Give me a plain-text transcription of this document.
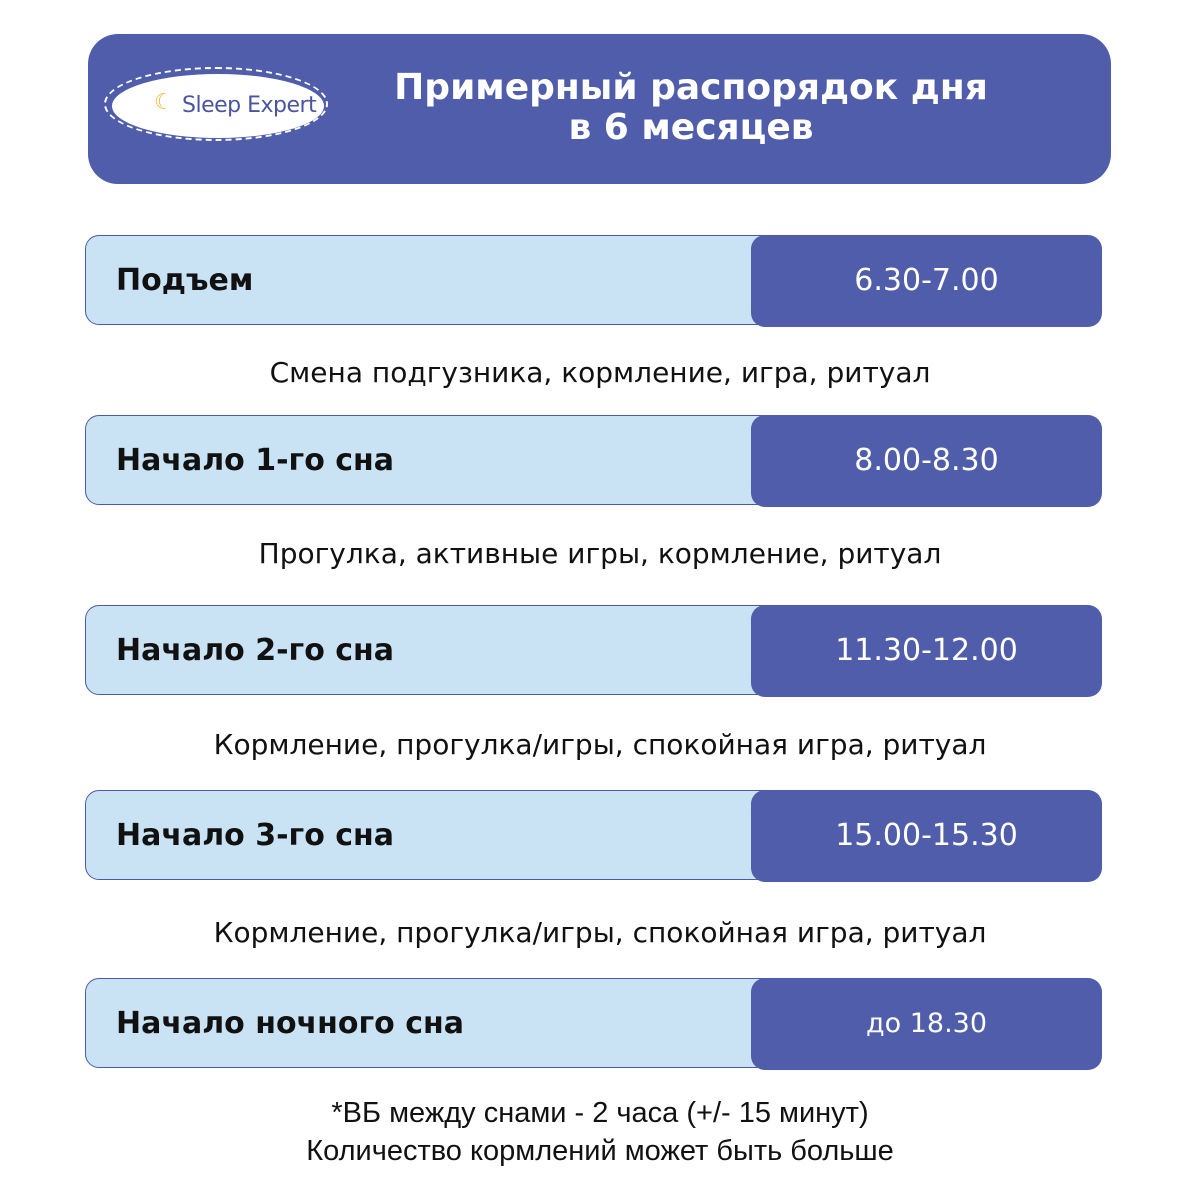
☾ Sleep Expert	Примерный распорядок дня
в 6 месяцев
Подъем	6.30-7.00
Смена подгузника, кормление, игра, ритуал
Начало 1-го сна	8.00-8.30
Прогулка, активные игры, кормление, ритуал
Начало 2-го сна	11.30-12.00
Кормление, прогулка/игры, спокойная игра, ритуал
Начало 3-го сна	15.00-15.30
Кормление, прогулка/игры, спокойная игра, ритуал
Начало ночного сна	до 18.30
*ВБ между снами - 2 часа (+/- 15 минут)
Количество кормлений может быть больше
